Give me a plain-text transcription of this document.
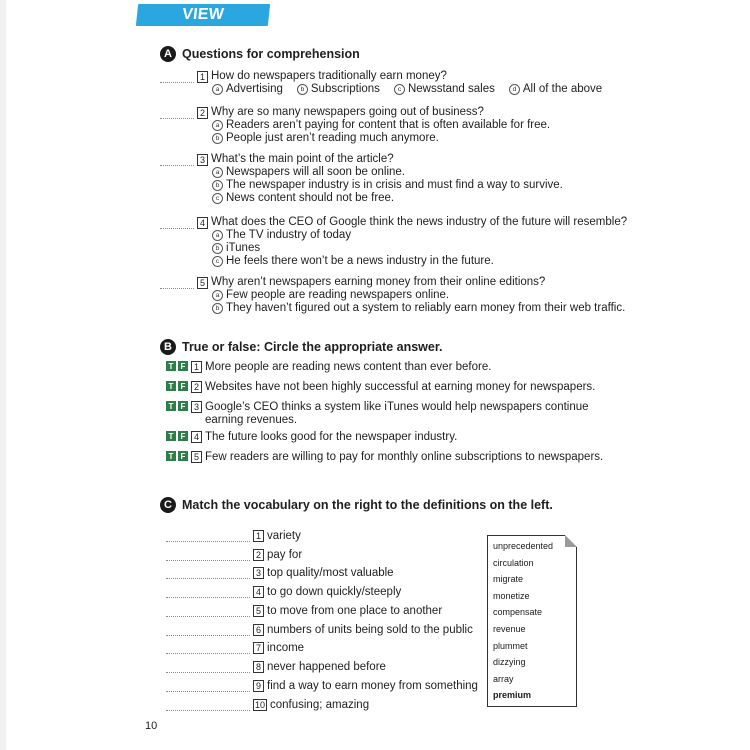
VIEW EXERCISES
A Questions for comprehension
1 How do newspapers traditionally earn money?
a Advertising	b Subscriptions	c Newsstand sales	d All of the above
2 Why are so many newspapers going out of business?
a Readers aren’t paying for content that is often available for free.
b People just aren’t reading much anymore.
3 What’s the main point of the article?
a Newspapers will all soon be online.
b The newspaper industry is in crisis and must find a way to survive.
c News content should not be free.
4 What does the CEO of Google think the news industry of the future will resemble?
a The TV industry of today
b iTunes
c He feels there won’t be a news industry in the future.
5 Why aren’t newspapers earning money from their online editions?
a Few people are reading newspapers online.
b They haven’t figured out a system to reliably earn money from their web traffic.
B True or false: Circle the appropriate answer.
T F 1 More people are reading news content than ever before.
T F 2 Websites have not been highly successful at earning money for newspapers.
T F 3 Google’s CEO thinks a system like iTunes would help newspapers continue earning revenues.
T F 4 The future looks good for the newspaper industry.
T F 5 Few readers are willing to pay for monthly online subscriptions to newspapers.
C Match the vocabulary on the right to the definitions on the left.
1 variety
2 pay for
3 top quality/most valuable
4 to go down quickly/steeply
5 to move from one place to another
6 numbers of units being sold to the public
7 income
8 never happened before
9 find a way to earn money from something
10 confusing; amazing
unprecedented
circulation
migrate
monetize
compensate
revenue
plummet
dizzying
array
premium
10
